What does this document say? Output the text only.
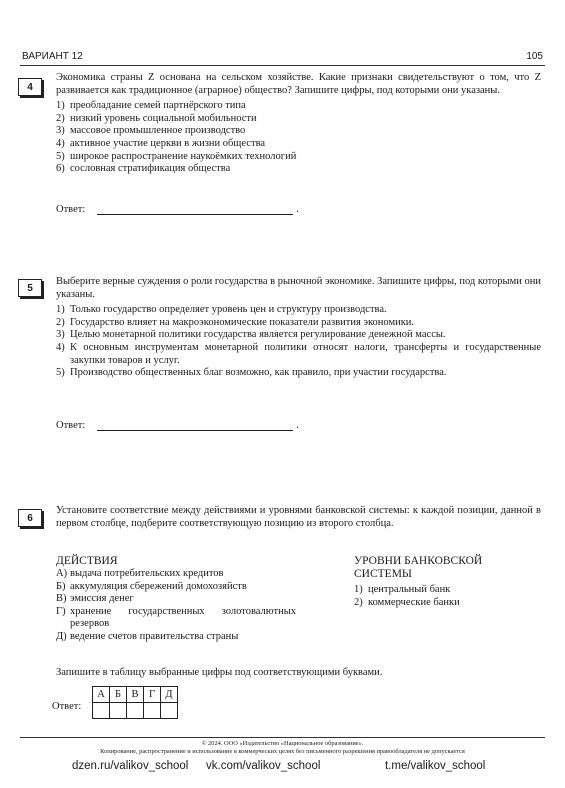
ВАРИАНТ 12	105
4
Экономика страны Z основана на сельском хозяйстве. Какие признаки свидетельствуют о том, что Z развивается как традиционное (аграрное) общество? Запишите цифры, под которыми они указаны.
1) преобладание семей партнёрского типа
2) низкий уровень социальной мобильности
3) массовое промышленное производство
4) активное участие церкви в жизни общества
5) широкое распространение наукоёмких технологий
6) сословная стратификация общества
Ответ:	.
5
Выберите верные суждения о роли государства в рыночной экономике. Запишите цифры, под которыми они указаны.
1) Только государство определяет уровень цен и структуру производства.
2) Государство влияет на макроэкономические показатели развития экономики.
3) Целью монетарной политики государства является регулирование денежной массы.
4) К основным инструментам монетарной политики относят налоги, трансферты и государственные закупки товаров и услуг.
5) Производство общественных благ возможно, как правило, при участии государства.
Ответ:	.
6
Установите соответствие между действиями и уровнями банковской системы: к каждой позиции, данной в первом столбце, подберите соответствующую позицию из второго столбца.
ДЕЙСТВИЯ
А) выдача потребительских кредитов
Б) аккумуляция сбережений домохозяйств
В) эмиссия денег
Г) хранение государственных золотовалютных резервов
Д) ведение счетов правительства страны
УРОВНИ БАНКОВСКОЙ СИСТЕМЫ
1) центральный банк
2) коммерческие банки
Запишите в таблицу выбранные цифры под соответствующими буквами.
Ответ:
А	Б	В	Г	Д

© 2024. ООО «Издательство «Национальное образование».
Копирование, распространение и использование в коммерческих целях без письменного разрешения правообладателя не допускается
dzen.ru/valikov_school vk.com/valikov_school	t.me/valikov_school
